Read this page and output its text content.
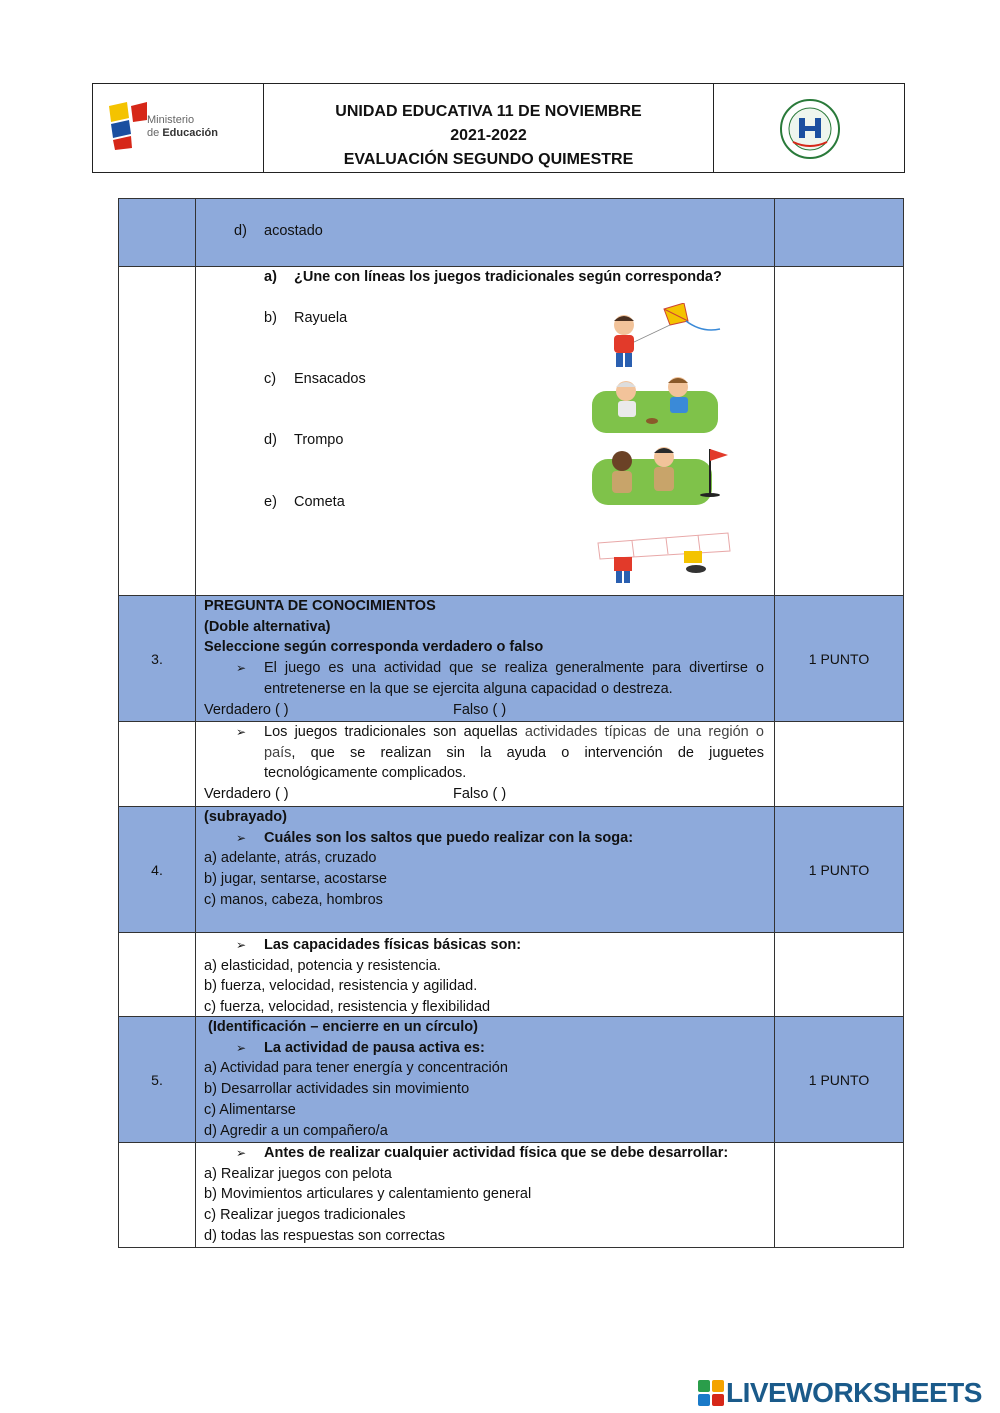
Ministerio
de Educación
UNIDAD EDUCATIVA 11 DE NOVIEMBRE
2021-2022
EVALUACIÓN SEGUNDO QUIMESTRE
d) acostado
a) ¿Une con líneas los juegos tradicionales según corresponda?
b) Rayuela
c) Ensacados
d) Trompo
e) Cometa
3.
PREGUNTA DE CONOCIMIENTOS
(Doble alternativa)
Seleccione según corresponda verdadero o falso
➢ El juego es una actividad que se realiza generalmente para divertirse o entretenerse en la que se ejercita alguna capacidad o destreza.
Verdadero ( )	Falso ( )
1 PUNTO
➢ Los juegos tradicionales son aquellas actividades típicas de una región o país, que se realizan sin la ayuda o intervención de juguetes tecnológicamente complicados.
Verdadero ( )	Falso ( )
4.
(subrayado)
➢ Cuáles son los saltos que puedo realizar con la soga:
a) adelante, atrás, cruzado
b) jugar, sentarse, acostarse
c) manos, cabeza, hombros
1 PUNTO
➢ Las capacidades físicas básicas son:
a) elasticidad, potencia y resistencia.
b) fuerza, velocidad, resistencia y agilidad.
c) fuerza, velocidad, resistencia y flexibilidad
5.
(Identificación – encierre en un círculo)
➢ La actividad de pausa activa es:
a) Actividad para tener energía y concentración
b) Desarrollar actividades sin movimiento
c) Alimentarse
d) Agredir a un compañero/a
1 PUNTO
➢ Antes de realizar cualquier actividad física que se debe desarrollar:
a) Realizar juegos con pelota
b) Movimientos articulares y calentamiento general
c) Realizar juegos tradicionales
d) todas las respuestas son correctas
LIVEWORKSHEETS
